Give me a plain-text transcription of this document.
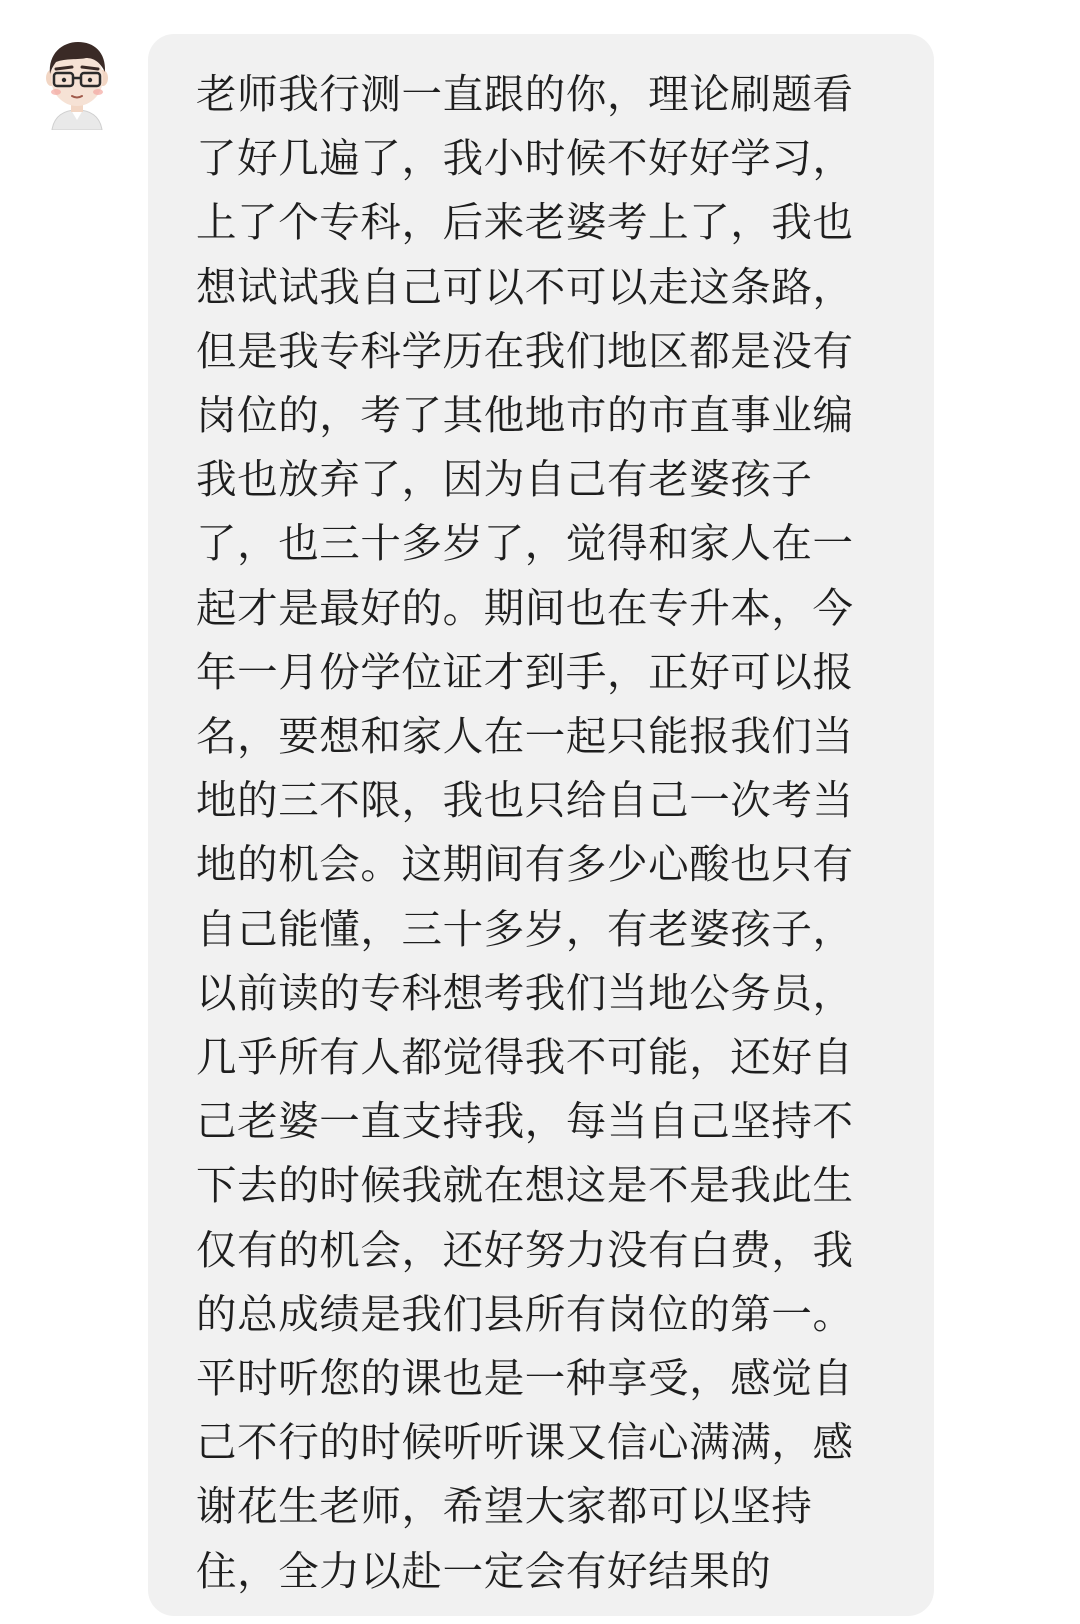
老师我行测一直跟的你，理论刷题看
了好几遍了，我小时候不好好学习，
上了个专科，后来老婆考上了，我也
想试试我自己可以不可以走这条路，
但是我专科学历在我们地区都是没有
岗位的，考了其他地市的市直事业编
我也放弃了，因为自己有老婆孩子
了，也三十多岁了，觉得和家人在一
起才是最好的。期间也在专升本，今
年一月份学位证才到手，正好可以报
名，要想和家人在一起只能报我们当
地的三不限，我也只给自己一次考当
地的机会。这期间有多少心酸也只有
自己能懂，三十多岁，有老婆孩子，
以前读的专科想考我们当地公务员，
几乎所有人都觉得我不可能，还好自
己老婆一直支持我，每当自己坚持不
下去的时候我就在想这是不是我此生
仅有的机会，还好努力没有白费，我
的总成绩是我们县所有岗位的第一。
平时听您的课也是一种享受，感觉自
己不行的时候听听课又信心满满，感
谢花生老师，希望大家都可以坚持
住，全力以赴一定会有好结果的
